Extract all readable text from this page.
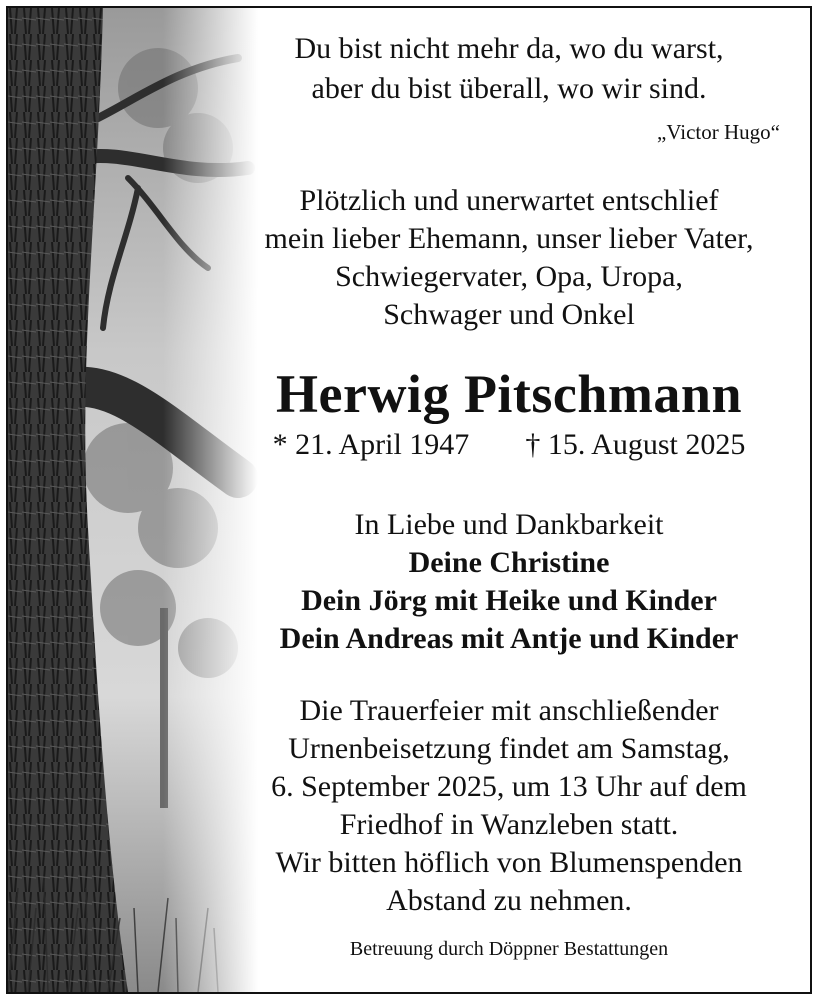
Du bist nicht mehr da, wo du warst,
aber du bist überall, wo wir sind.
„Victor Hugo“
Plötzlich und unerwartet entschlief
mein lieber Ehemann, unser lieber Vater,
Schwiegervater, Opa, Uropa,
Schwager und Onkel
Herwig Pitschmann
* 21. April 1947 † 15. August 2025
In Liebe und Dankbarkeit
Deine Christine
Dein Jörg mit Heike und Kinder
Dein Andreas mit Antje und Kinder
Die Trauerfeier mit anschließender
Urnenbeisetzung findet am Samstag,
6. September 2025, um 13 Uhr auf dem
Friedhof in Wanzleben statt.
Wir bitten höflich von Blumenspenden
Abstand zu nehmen.
Betreuung durch Döppner Bestattungen
